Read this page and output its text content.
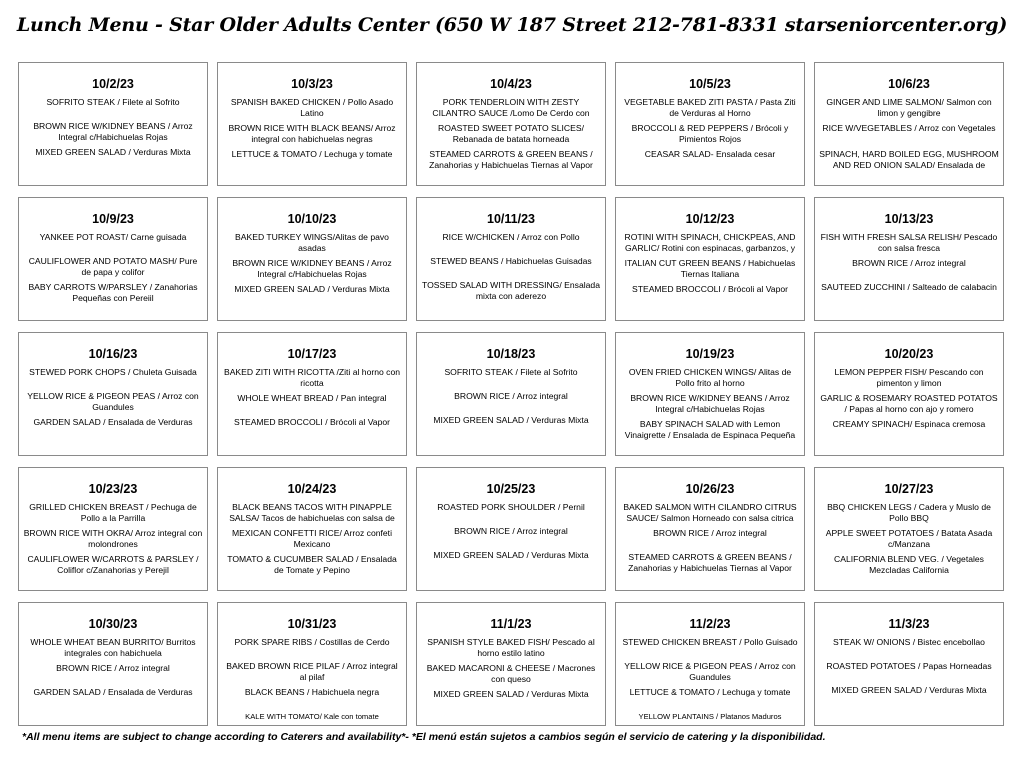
Lunch Menu - Star Older Adults Center (650 W 187 Street 212-781-8331 starseniorcenter.org)
10/2/23
SOFRITO STEAK / Filete al Sofrito
BROWN RICE W/KIDNEY BEANS / Arroz Integral c/Habichuelas Rojas
MIXED GREEN SALAD / Verduras Mixta
10/3/23
SPANISH BAKED CHICKEN / Pollo Asado Latino
BROWN RICE WITH BLACK BEANS/ Arroz integral con habichuelas negras
LETTUCE & TOMATO / Lechuga y tomate
10/4/23
PORK TENDERLOIN WITH ZESTY CILANTRO SAUCE /Lomo De Cerdo con
ROASTED SWEET POTATO SLICES/ Rebanada de batata horneada
STEAMED CARROTS & GREEN BEANS / Zanahorias y Habichuelas Tiernas al Vapor
10/5/23
VEGETABLE BAKED ZITI PASTA / Pasta Ziti de Verduras al Horno
BROCCOLI & RED PEPPERS / Brócoli y Pimientos Rojos
CEASAR SALAD- Ensalada cesar
10/6/23
GINGER AND LIME SALMON/ Salmon con limon y gengibre
RICE W/VEGETABLES / Arroz con Vegetales
SPINACH, HARD BOILED EGG, MUSHROOM AND RED ONION SALAD/ Ensalada de
10/9/23
YANKEE POT ROAST/ Carne guisada
CAULIFLOWER AND POTATO MASH/ Pure de papa y colifor
BABY CARROTS W/PARSLEY / Zanahorias Pequeñas con Pereiil
10/10/23
BAKED TURKEY WINGS/Alitas de pavo asadas
BROWN RICE W/KIDNEY BEANS / Arroz Integral c/Habichuelas Rojas
MIXED GREEN SALAD / Verduras Mixta
10/11/23
RICE W/CHICKEN / Arroz con Pollo
STEWED BEANS / Habichuelas Guisadas
TOSSED SALAD WITH DRESSING/ Ensalada mixta con aderezo
10/12/23
ROTINI WITH SPINACH, CHICKPEAS, AND GARLIC/ Rotini con espinacas, garbanzos, y
ITALIAN CUT GREEN BEANS / Habichuelas Tiernas Italiana
STEAMED BROCCOLI / Brócoli al Vapor
10/13/23
FISH WITH FRESH SALSA RELISH/ Pescado con salsa fresca
BROWN RICE / Arroz integral
SAUTEED ZUCCHINI / Salteado de calabacin
10/16/23
STEWED PORK CHOPS / Chuleta Guisada
YELLOW RICE & PIGEON PEAS / Arroz con Guandules
GARDEN SALAD / Ensalada de Verduras
10/17/23
BAKED ZITI WITH RICOTTA /Ziti al horno con ricotta
WHOLE WHEAT BREAD / Pan integral
STEAMED BROCCOLI / Brócoli al Vapor
10/18/23
SOFRITO STEAK / Filete al Sofrito
BROWN RICE / Arroz integral
MIXED GREEN SALAD / Verduras Mixta
10/19/23
OVEN FRIED CHICKEN WINGS/ Alitas de Pollo frito al horno
BROWN RICE W/KIDNEY BEANS / Arroz Integral c/Habichuelas Rojas
BABY SPINACH SALAD with Lemon Vinaigrette / Ensalada de Espinaca Pequeña
10/20/23
LEMON PEPPER FISH/ Pescando con pimenton y limon
GARLIC & ROSEMARY ROASTED POTATOS / Papas al horno con ajo y romero
CREAMY SPINACH/ Espinaca cremosa
10/23/23
GRILLED CHICKEN BREAST / Pechuga de Pollo a la Parrilla
BROWN RICE WITH OKRA/ Arroz integral con molondrones
CAULIFLOWER W/CARROTS & PARSLEY / Coliflor c/Zanahorias y Perejil
10/24/23
BLACK BEANS TACOS WITH PINAPPLE SALSA/ Tacos de habichuelas con salsa de
MEXICAN CONFETTI RICE/ Arroz confeti Mexicano
TOMATO & CUCUMBER SALAD / Ensalada de Tomate y Pepino
10/25/23
ROASTED PORK SHOULDER / Pernil
BROWN RICE / Arroz integral
MIXED GREEN SALAD / Verduras Mixta
10/26/23
BAKED SALMON WITH CILANDRO CITRUS SAUCE/ Salmon Horneado con salsa citrica
BROWN RICE / Arroz integral
STEAMED CARROTS & GREEN BEANS / Zanahorias y Habichuelas Tiernas al Vapor
10/27/23
BBQ CHICKEN LEGS / Cadera y Muslo de Pollo BBQ
APPLE SWEET POTATOES / Batata Asada c/Manzana
CALIFORNIA BLEND VEG. / Vegetales Mezcladas California
10/30/23
WHOLE WHEAT BEAN BURRITO/ Burritos integrales con habichuela
BROWN RICE / Arroz integral
GARDEN SALAD / Ensalada de Verduras
10/31/23
PORK SPARE RIBS / Costillas de Cerdo
BAKED BROWN RICE PILAF / Arroz integral al pilaf
BLACK BEANS / Habichuela negra
KALE WITH TOMATO/ Kale con tomate
11/1/23
SPANISH STYLE BAKED FISH/ Pescado al horno estilo latino
BAKED MACARONI & CHEESE / Macrones con queso
MIXED GREEN SALAD / Verduras Mixta
11/2/23
STEWED CHICKEN BREAST / Pollo Guisado
YELLOW RICE & PIGEON PEAS / Arroz con Guandules
LETTUCE & TOMATO / Lechuga y tomate
YELLOW PLANTAINS / Platanos Maduros
11/3/23
STEAK W/ ONIONS / Bistec encebollao
ROASTED POTATOES / Papas Horneadas
MIXED GREEN SALAD / Verduras Mixta
*All menu items are subject to change according to Caterers and availability*- *El menú están sujetos a cambios según el servicio de catering y la disponibilidad.
